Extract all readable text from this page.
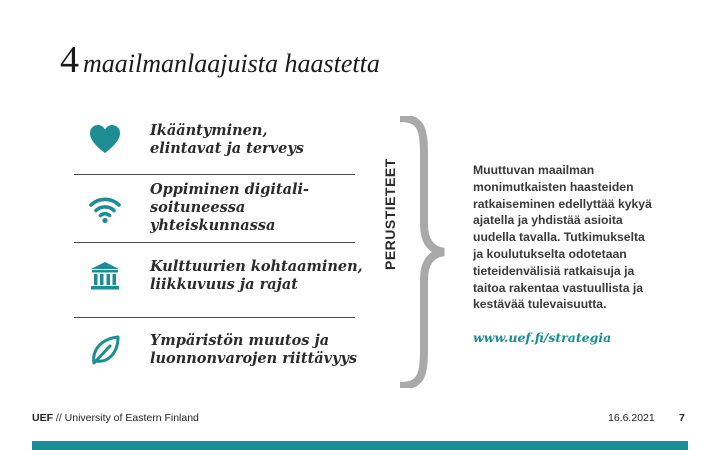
4 maailmanlaajuista haastetta
Ikääntyminen,
elintavat ja terveys
Oppiminen digitali-
soituneessa yhteiskunnassa
Kulttuurien kohtaaminen,
liikkuvuus ja rajat
Ympäristön muutos ja
luonnonvarojen riittävyys
PERUSTIETEET	Muuttuvan maailman
monimutkaisten haasteiden
ratkaiseminen edellyttää kykyä
ajatella ja yhdistää asioita
uudella tavalla. Tutkimukselta
ja koulutukselta odotetaan
tieteidenvälisiä ratkaisuja ja
taitoa rakentaa vastuullista ja
kestävää tulevaisuutta.
www.uef.fi/strategia
UEF // University of Eastern Finland	16.6.2021 7
